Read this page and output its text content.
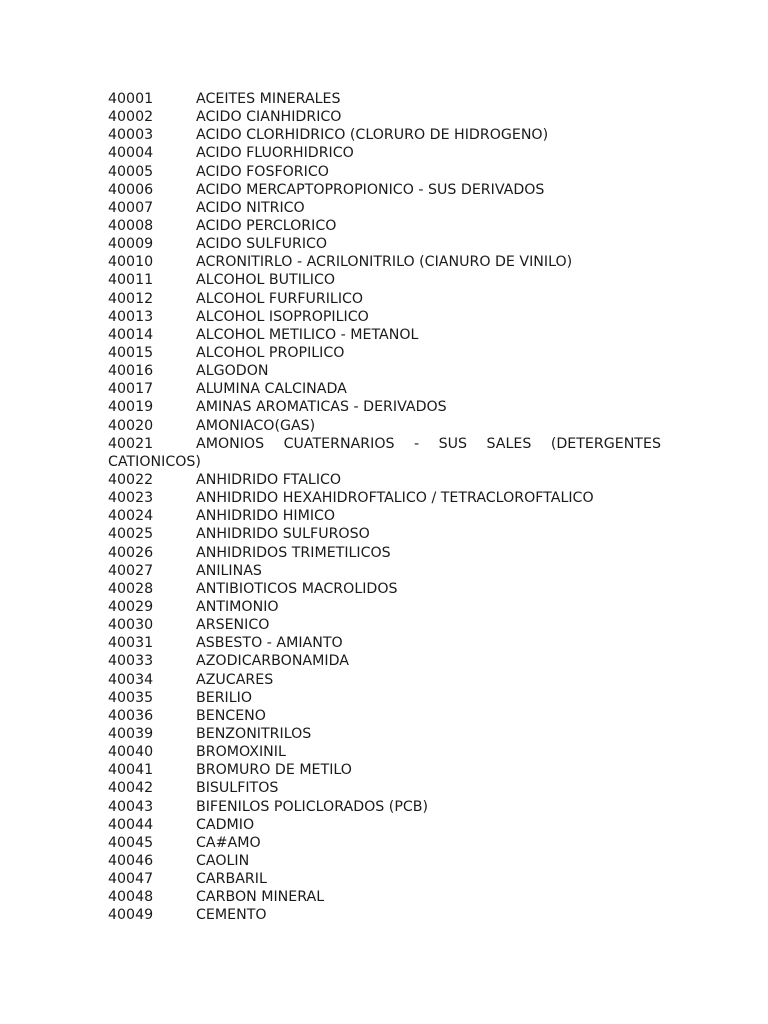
40001	ACEITES MINERALES
40002	ACIDO CIANHIDRICO
40003	ACIDO CLORHIDRICO (CLORURO DE HIDROGENO)
40004	ACIDO FLUORHIDRICO
40005	ACIDO FOSFORICO
40006	ACIDO MERCAPTOPROPIONICO - SUS DERIVADOS
40007	ACIDO NITRICO
40008	ACIDO PERCLORICO
40009	ACIDO SULFURICO
40010	ACRONITIRLO - ACRILONITRILO (CIANURO DE VINILO)
40011	ALCOHOL BUTILICO
40012	ALCOHOL FURFURILICO
40013	ALCOHOL ISOPROPILICO
40014	ALCOHOL METILICO - METANOL
40015	ALCOHOL PROPILICO
40016	ALGODON
40017	ALUMINA CALCINADA
40019	AMINAS AROMATICAS - DERIVADOS
40020	AMONIACO(GAS)
40021	AMONIOS CUATERNARIOS - SUS SALES (DETERGENTES
CATIONICOS)
40022	ANHIDRIDO FTALICO
40023	ANHIDRIDO HEXAHIDROFTALICO / TETRACLOROFTALICO
40024	ANHIDRIDO HIMICO
40025	ANHIDRIDO SULFUROSO
40026	ANHIDRIDOS TRIMETILICOS
40027	ANILINAS
40028	ANTIBIOTICOS MACROLIDOS
40029	ANTIMONIO
40030	ARSENICO
40031	ASBESTO - AMIANTO
40033	AZODICARBONAMIDA
40034	AZUCARES
40035	BERILIO
40036	BENCENO
40039	BENZONITRILOS
40040	BROMOXINIL
40041	BROMURO DE METILO
40042	BISULFITOS
40043	BIFENILOS POLICLORADOS (PCB)
40044	CADMIO
40045	CA#AMO
40046	CAOLIN
40047	CARBARIL
40048	CARBON MINERAL
40049	CEMENTO
